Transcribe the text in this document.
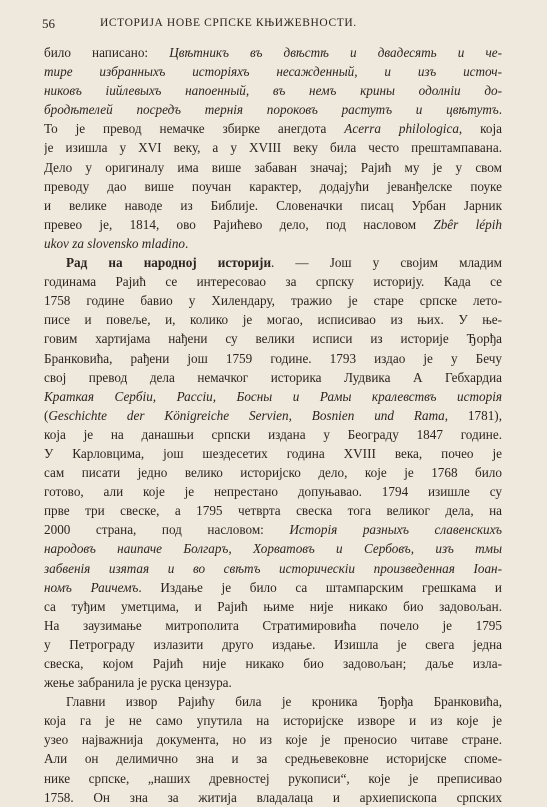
56	ИСТОРИЈА НОВЕ СРПСКЕ КЊИЖЕВНОСТИ.
било написано: Цвѣтникъ въ двѣстѣ и двадесять и че-
тире избранныхъ исторіяхъ несажденный, и изъ источ-
никовъ іийлевыхъ напоенный, въ немъ крины одолніи до-
бродѣтелей посредъ тернія пороковъ растутъ и цвѣтутъ.
То је превод немачке збирке анегдота Acerra philologica, која
је изишла у XVI веку, а у XVIII веку била често прештампавана.
Дело у оригиналу има више забаван значај; Рајић му је у свом
преводу дао више поучан карактер, додајући јеванђелске поуке
и велике наводе из Библије. Словеначки писац Урбан Јарник
превео је, 1814, ово Рајићево дело, под насловом Zbêr lépih
ukov za slovensko mladino.
Рад на народној историји. — Још у својим младим
годинама Рајић се интересовао за српску историју. Када се
1758 године бавио у Хилендару, тражио је старе српске лето-
писе и повеље, и, колико је могао, исписивао из њих. У ње-
говим хартијама нађени су велики исписи из историје Ђорђа
Бранковића, рађени још 1759 године. 1793 издао је у Бечу
свој превод дела немачког историка Лудвика А Гебхардиа
Краткая Сербіи, Рассіи, Босны и Рамы кралевствъ исторія
(Geschichte der Königreiche Servien, Bosnien und Rama, 1781),
која је на данашњи српски издана у Београду 1847 године.
У Карловцима, још шездесетих година XVIII века, почео је
сам писати једно велико историјско дело, које је 1768 било
готово, али које је непрестано допуњавао. 1794 изишле су
прве три свеске, а 1795 четврта свеска тога великог дела, на
2000 страна, под насловом: Исторія разныхъ славенскихъ
народовъ наипаче Болгаръ, Хорватовъ и Сербовъ, изъ тмы
забвенія изятая и во свѣтъ историческіи произведенная Іоан-
номъ Раичемъ. Издање је било са штампарским грешкама и
са туђим уметцима, и Рајић њиме није никако био задовољан.
На заузимање митрополита Стратимировића почело је 1795
у Петрограду излазити друго издање. Изишла је свега једна
свеска, којом Рајић није никако био задовољан; даље изла-
жење забранила је руска цензура.
Главни извор Рајићу била је кроника Ђорђа Бранковића,
која га је не само упутила на историјске изворе и из које је
узео најважнија документа, но из које је преносио читаве стране.
Али он делимично зна и за средњевековне историјске споме-
нике српске, „наших древностеј рукописи“, које је преписивао
1758. Он зна за житија владалаца и архиепископа српских
